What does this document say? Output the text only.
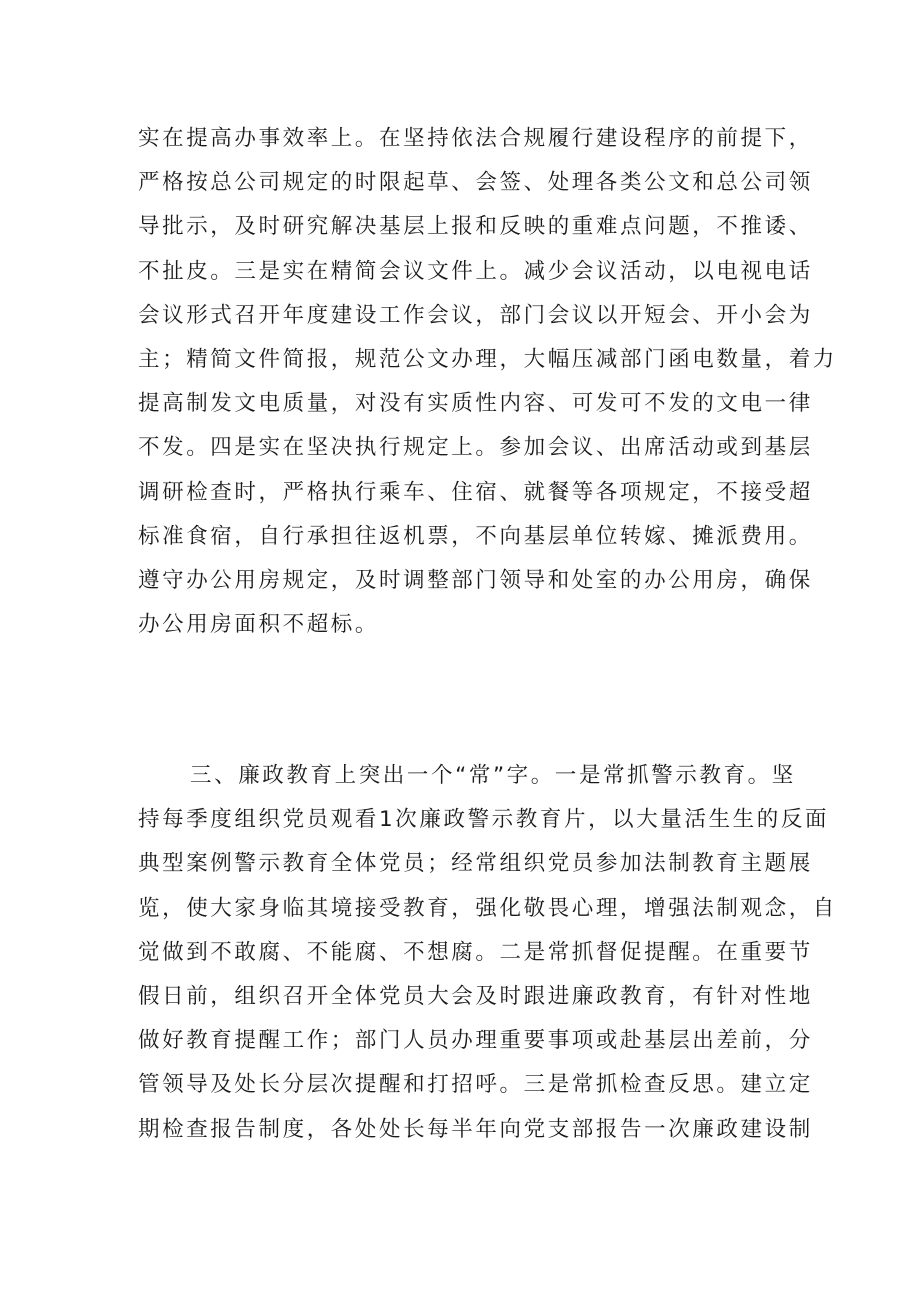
实在提高办事效率上。在坚持依法合规履行建设程序的前提下，
严格按总公司规定的时限起草、会签、处理各类公文和总公司领
导批示，及时研究解决基层上报和反映的重难点问题，不推诿、
不扯皮。三是实在精简会议文件上。减少会议活动，以电视电话
会议形式召开年度建设工作会议，部门会议以开短会、开小会为
主；精简文件简报，规范公文办理，大幅压减部门函电数量，着力
提高制发文电质量，对没有实质性内容、可发可不发的文电一律
不发。四是实在坚决执行规定上。参加会议、出席活动或到基层
调研检查时，严格执行乘车、住宿、就餐等各项规定，不接受超
标准食宿，自行承担往返机票，不向基层单位转嫁、摊派费用。
遵守办公用房规定，及时调整部门领导和处室的办公用房，确保
办公用房面积不超标。
三、廉政教育上突出一个“常”字。一是常抓警示教育。坚
持每季度组织党员观看1次廉政警示教育片，以大量活生生的反面
典型案例警示教育全体党员；经常组织党员参加法制教育主题展
览，使大家身临其境接受教育，强化敬畏心理，增强法制观念，自
觉做到不敢腐、不能腐、不想腐。二是常抓督促提醒。在重要节
假日前，组织召开全体党员大会及时跟进廉政教育，有针对性地
做好教育提醒工作；部门人员办理重要事项或赴基层出差前，分
管领导及处长分层次提醒和打招呼。三是常抓检查反思。建立定
期检查报告制度，各处处长每半年向党支部报告一次廉政建设制
